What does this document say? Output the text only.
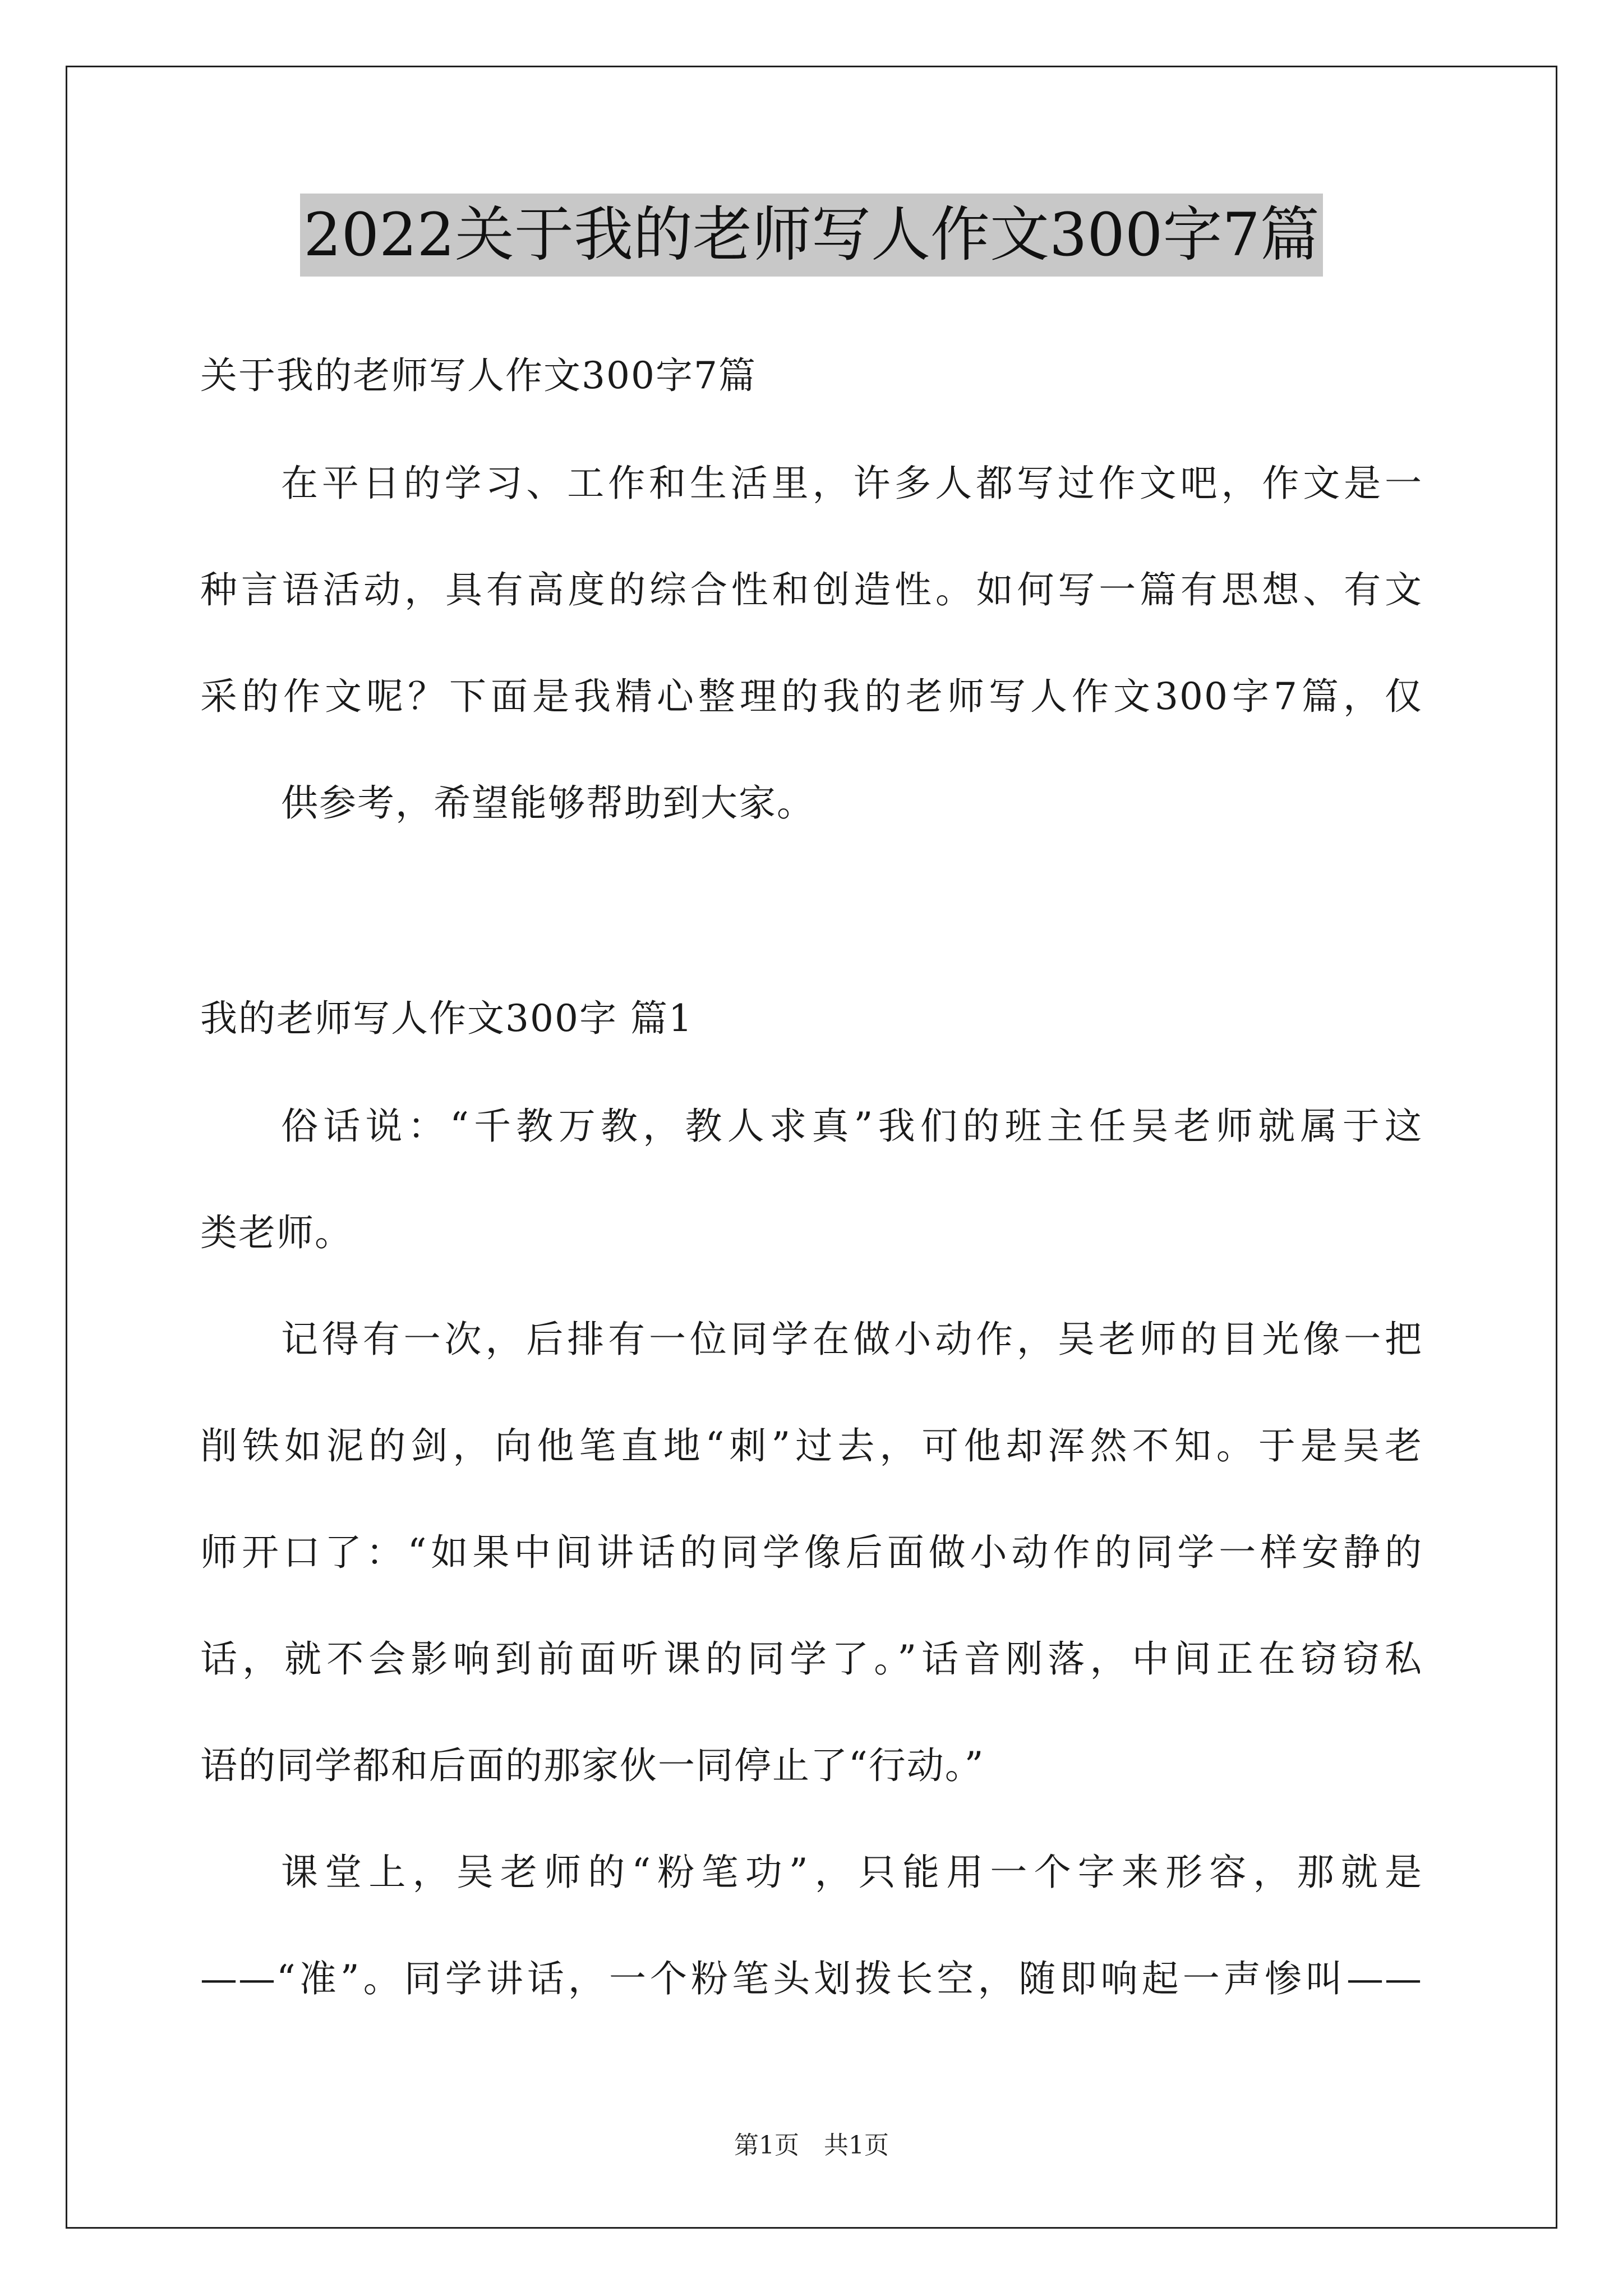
2022关于我的老师写人作文300字7篇
关于我的老师写人作文300字7篇
在平日的学习、工作和生活里，许多人都写过作文吧，作文是一
种言语活动，具有高度的综合性和创造性。如何写一篇有思想、有文
采的作文呢？下面是我精心整理的我的老师写人作文300字7篇，仅
供参考，希望能够帮助到大家。
我的老师写人作文300字 篇1
俗话说：“千教万教，教人求真”我们的班主任吴老师就属于这
类老师。
记得有一次，后排有一位同学在做小动作，吴老师的目光像一把
削铁如泥的剑，向他笔直地“刺”过去，可他却浑然不知。于是吴老
师开口了：“如果中间讲话的同学像后面做小动作的同学一样安静的
话，就不会影响到前面听课的同学了。”话音刚落，中间正在窃窃私
语的同学都和后面的那家伙一同停止了“行动。”
课堂上，吴老师的“粉笔功”，只能用一个字来形容，那就是
——“准”。同学讲话，一个粉笔头划拨长空，随即响起一声惨叫——
第1页 共1页
